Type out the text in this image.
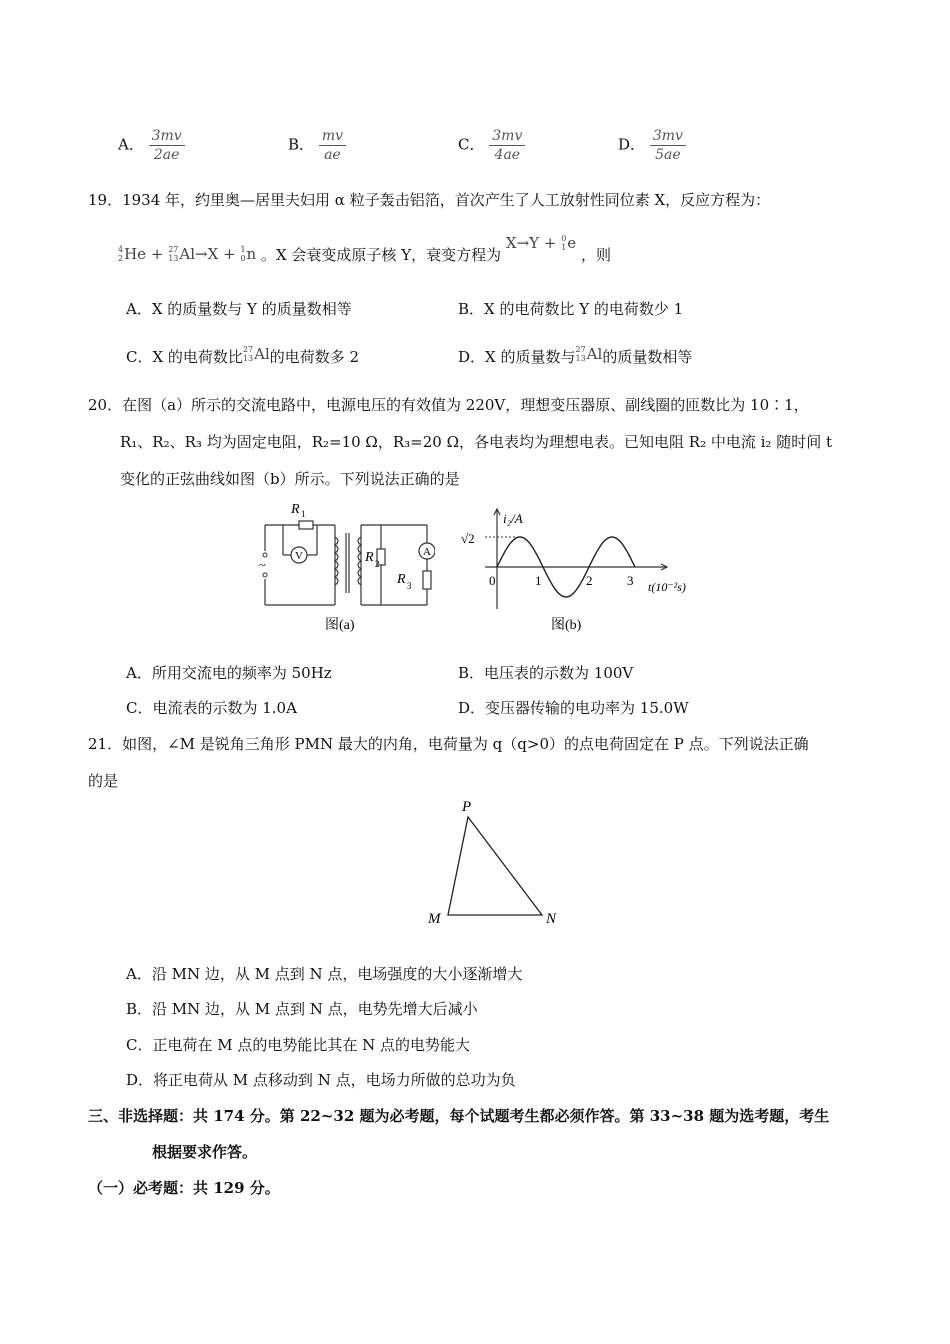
A． $\frac{3mv}{2ae}$	B． $\frac{mv}{ae}$	C． $\frac{3mv}{4ae}$	D． $\frac{3mv}{5ae}$
19．1934 年，约里奥—居里夫妇用 α 粒子轰击铝箔，首次产生了人工放射性同位素 X，反应方程为：
4
2 He
+
27
13 Al → X
+
1
0 n 。X 会衰变成原子核 Y，衰变方程为
X → Y
+
0
1 e
，则
A．X 的质量数与 Y 的质量数相等	B．X 的电荷数比 Y 的电荷数少 1
C．X 的电荷数比 27
13 Al 的电荷数多 2	D．X 的质量数与 27
13 Al 的质量数相等
20．在图（a）所示的交流电路中，电源电压的有效值为 220V，理想变压器原、副线圈的匝数比为 10∶1，
R₁、R₂、R₃ 均为固定电阻，R₂=10 Ω，R₃=20 Ω，各电表均为理想电表。已知电阻 R₂ 中电流 i₂ 随时间 t
变化的正弦曲线如图（b）所示。下列说法正确的是
~
V	A
R 1
R 2
R 3
图(a)
i₂/A
√2
0	1	2	3 t(10⁻²s)
图(b)
A．所用交流电的频率为 50Hz	B．电压表的示数为 100V
C．电流表的示数为 1.0A	D．变压器传输的电功率为 15.0W
21．如图，∠M 是锐角三角形 PMN 最大的内角，电荷量为 q（q>0）的点电荷固定在 P 点。下列说法正确
的是
P
M	N
A．沿 MN 边，从 M 点到 N 点，电场强度的大小逐渐增大
B．沿 MN 边，从 M 点到 N 点，电势先增大后减小
C．正电荷在 M 点的电势能比其在 N 点的电势能大
D．将正电荷从 M 点移动到 N 点，电场力所做的总功为负
三、非选择题：共 174 分。第 22~32 题为必考题，每个试题考生都必须作答。第 33~38 题为选考题，考生
根据要求作答。
（一）必考题：共 129 分。
